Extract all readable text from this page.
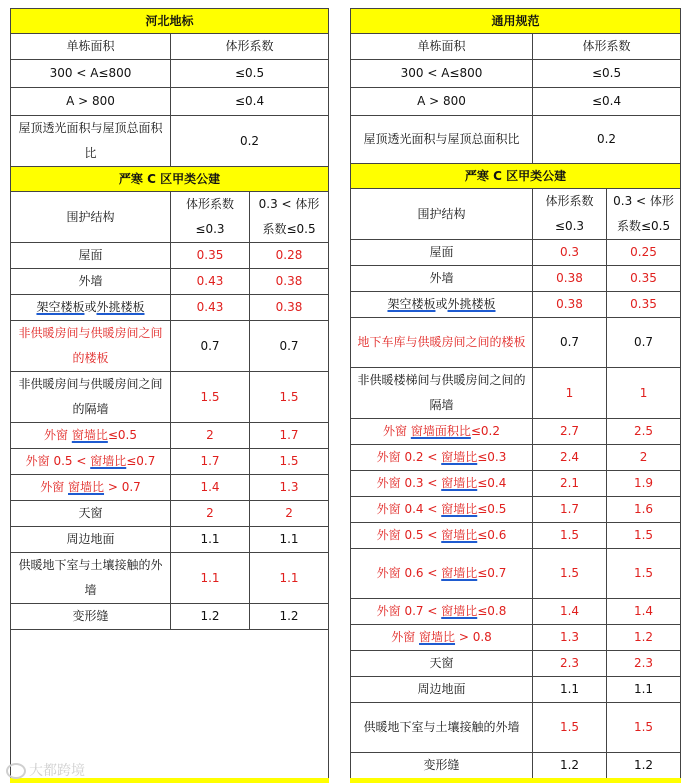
河北地标		
单栋面积	体形系数	
300 < A≤800	≤0.5	
A > 800	≤0.4	
屋顶透光面积与屋顶总面积比	0.2	
严寒 C 区甲类公建		
围护结构	体形系数≤0.3	0.3 < 体形系数≤0.5
屋面	0.35	0.28
外墙	0.43	0.38
架空楼板或外挑楼板	0.43	0.38
非供暖房间与供暖房间之间的楼板	0.7	0.7
非供暖房间与供暖房间之间的隔墙	1.5	1.5
外窗 窗墙比≤0.5	2	1.7
外窗 0.5 < 窗墙比≤0.7	1.7	1.5
外窗 窗墙比 > 0.7	1.4	1.3
天窗	2	2
周边地面	1.1	1.1
供暖地下室与土壤接触的外墙	1.1	1.1
变形缝	1.2	1.2
通用规范		
单栋面积	体形系数	
300 < A≤800	≤0.5	
A > 800	≤0.4	
屋顶透光面积与屋顶总面积比	0.2	
严寒 C 区甲类公建		
围护结构	体形系数≤0.3	0.3 < 体形系数≤0.5
屋面	0.3	0.25
外墙	0.38	0.35
架空楼板或外挑楼板	0.38	0.35
地下车库与供暖房间之间的楼板	0.7	0.7
非供暖楼梯间与供暖房间之间的隔墙	1	1
外窗 窗墙面积比≤0.2	2.7	2.5
外窗 0.2 < 窗墙比≤0.3	2.4	2
外窗 0.3 < 窗墙比≤0.4	2.1	1.9
外窗 0.4 < 窗墙比≤0.5	1.7	1.6
外窗 0.5 < 窗墙比≤0.6	1.5	1.5
外窗 0.6 < 窗墙比≤0.7	1.5	1.5
外窗 0.7 < 窗墙比≤0.8	1.4	1.4
外窗 窗墙比 > 0.8	1.3	1.2
天窗	2.3	2.3
周边地面	1.1	1.1
供暖地下室与土壤接触的外墙	1.5	1.5
变形缝	1.2	1.2
大都跨境
